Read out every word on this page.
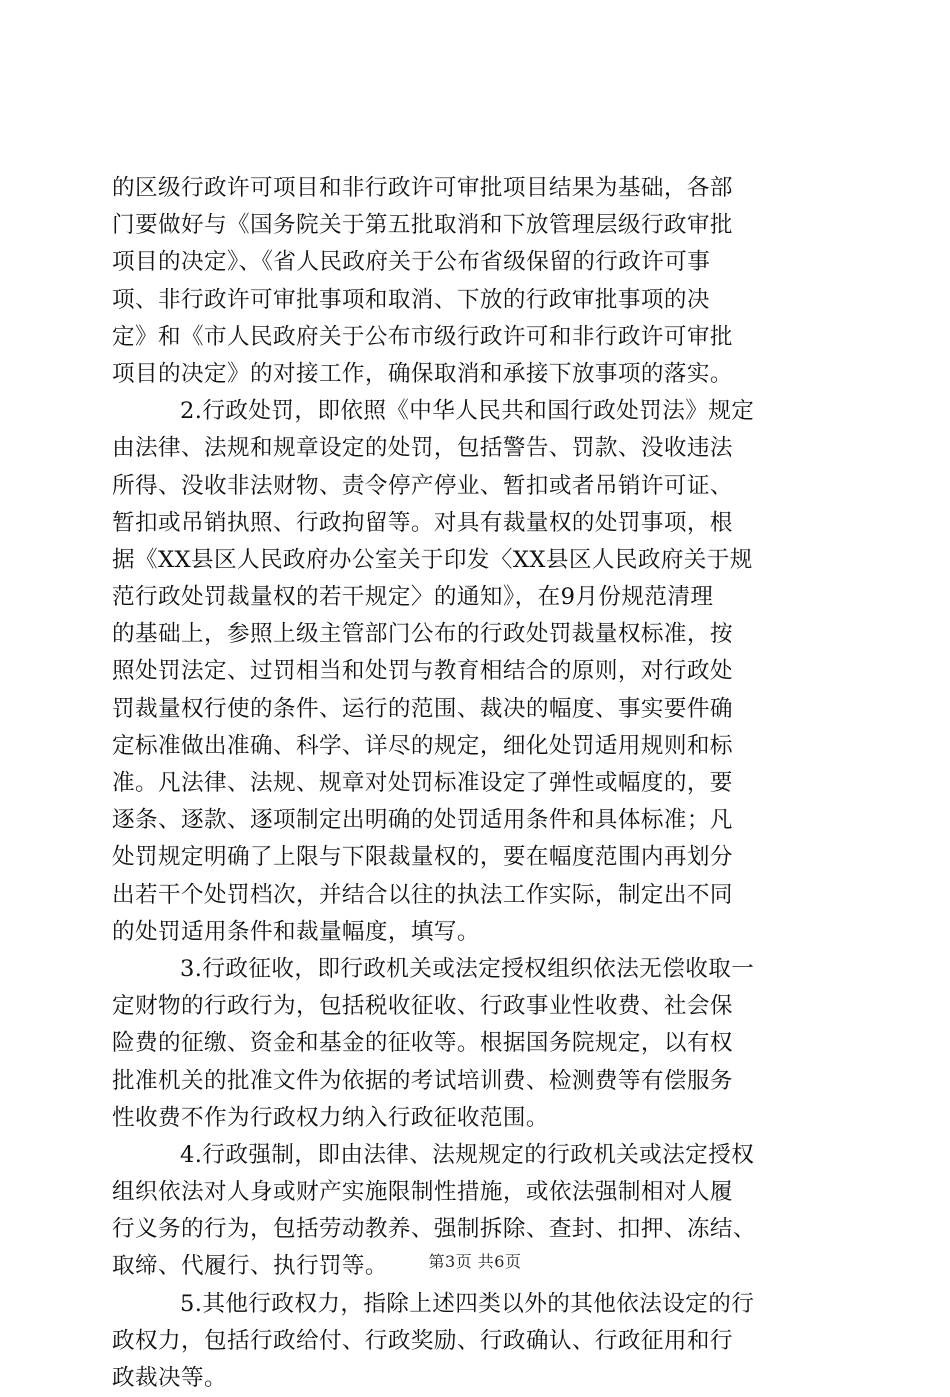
的区级行政许可项目和非行政许可审批项目结果为基础，各部
门要做好与《国务院关于第五批取消和下放管理层级行政审批
项目的决定》、《省人民政府关于公布省级保留的行政许可事
项、非行政许可审批事项和取消、下放的行政审批事项的决
定》和《市人民政府关于公布市级行政许可和非行政许可审批
项目的决定》的对接工作，确保取消和承接下放事项的落实。
2.行政处罚，即依照《中华人民共和国行政处罚法》规定
由法律、法规和规章设定的处罚，包括警告、罚款、没收违法
所得、没收非法财物、责令停产停业、暂扣或者吊销许可证、
暂扣或吊销执照、行政拘留等。对具有裁量权的处罚事项，根
据《XX县区人民政府办公室关于印发〈XX县区人民政府关于规
范行政处罚裁量权的若干规定〉的通知》，在9月份规范清理
的基础上，参照上级主管部门公布的行政处罚裁量权标准，按
照处罚法定、过罚相当和处罚与教育相结合的原则，对行政处
罚裁量权行使的条件、运行的范围、裁决的幅度、事实要件确
定标准做出准确、科学、详尽的规定，细化处罚适用规则和标
准。凡法律、法规、规章对处罚标准设定了弹性或幅度的，要
逐条、逐款、逐项制定出明确的处罚适用条件和具体标准；凡
处罚规定明确了上限与下限裁量权的，要在幅度范围内再划分
出若干个处罚档次，并结合以往的执法工作实际，制定出不同
的处罚适用条件和裁量幅度，填写。
3.行政征收，即行政机关或法定授权组织依法无偿收取一
定财物的行政行为，包括税收征收、行政事业性收费、社会保
险费的征缴、资金和基金的征收等。根据国务院规定，以有权
批准机关的批准文件为依据的考试培训费、检测费等有偿服务
性收费不作为行政权力纳入行政征收范围。
4.行政强制，即由法律、法规规定的行政机关或法定授权
组织依法对人身或财产实施限制性措施，或依法强制相对人履
行义务的行为，包括劳动教养、强制拆除、查封、扣押、冻结、
取缔、代履行、执行罚等。
5.其他行政权力，指除上述四类以外的其他依法设定的行
政权力，包括行政给付、行政奖励、行政确认、行政征用和行
政裁决等。
第3页 共6页
